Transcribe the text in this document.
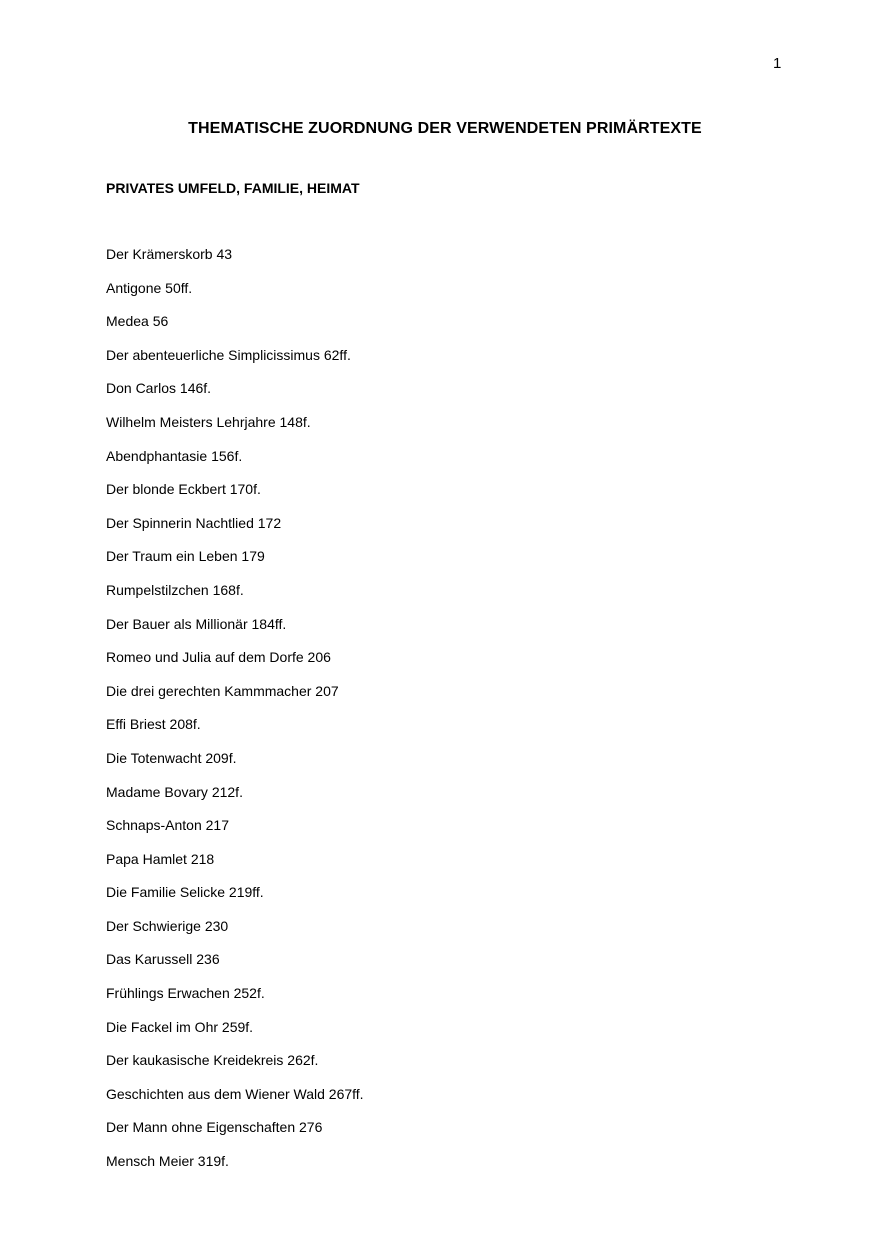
1
THEMATISCHE ZUORDNUNG DER VERWENDETEN PRIMÄRTEXTE
PRIVATES UMFELD, FAMILIE, HEIMAT
Der Krämerskorb 43
Antigone 50ff.
Medea 56
Der abenteuerliche Simplicissimus 62ff.
Don Carlos 146f.
Wilhelm Meisters Lehrjahre 148f.
Abendphantasie 156f.
Der blonde Eckbert 170f.
Der Spinnerin Nachtlied 172
Der Traum ein Leben 179
Rumpelstilzchen 168f.
Der Bauer als Millionär 184ff.
Romeo und Julia auf dem Dorfe 206
Die drei gerechten Kammmacher 207
Effi Briest 208f.
Die Totenwacht 209f.
Madame Bovary 212f.
Schnaps-Anton 217
Papa Hamlet 218
Die Familie Selicke 219ff.
Der Schwierige 230
Das Karussell 236
Frühlings Erwachen 252f.
Die Fackel im Ohr 259f.
Der kaukasische Kreidekreis 262f.
Geschichten aus dem Wiener Wald 267ff.
Der Mann ohne Eigenschaften 276
Mensch Meier 319f.
